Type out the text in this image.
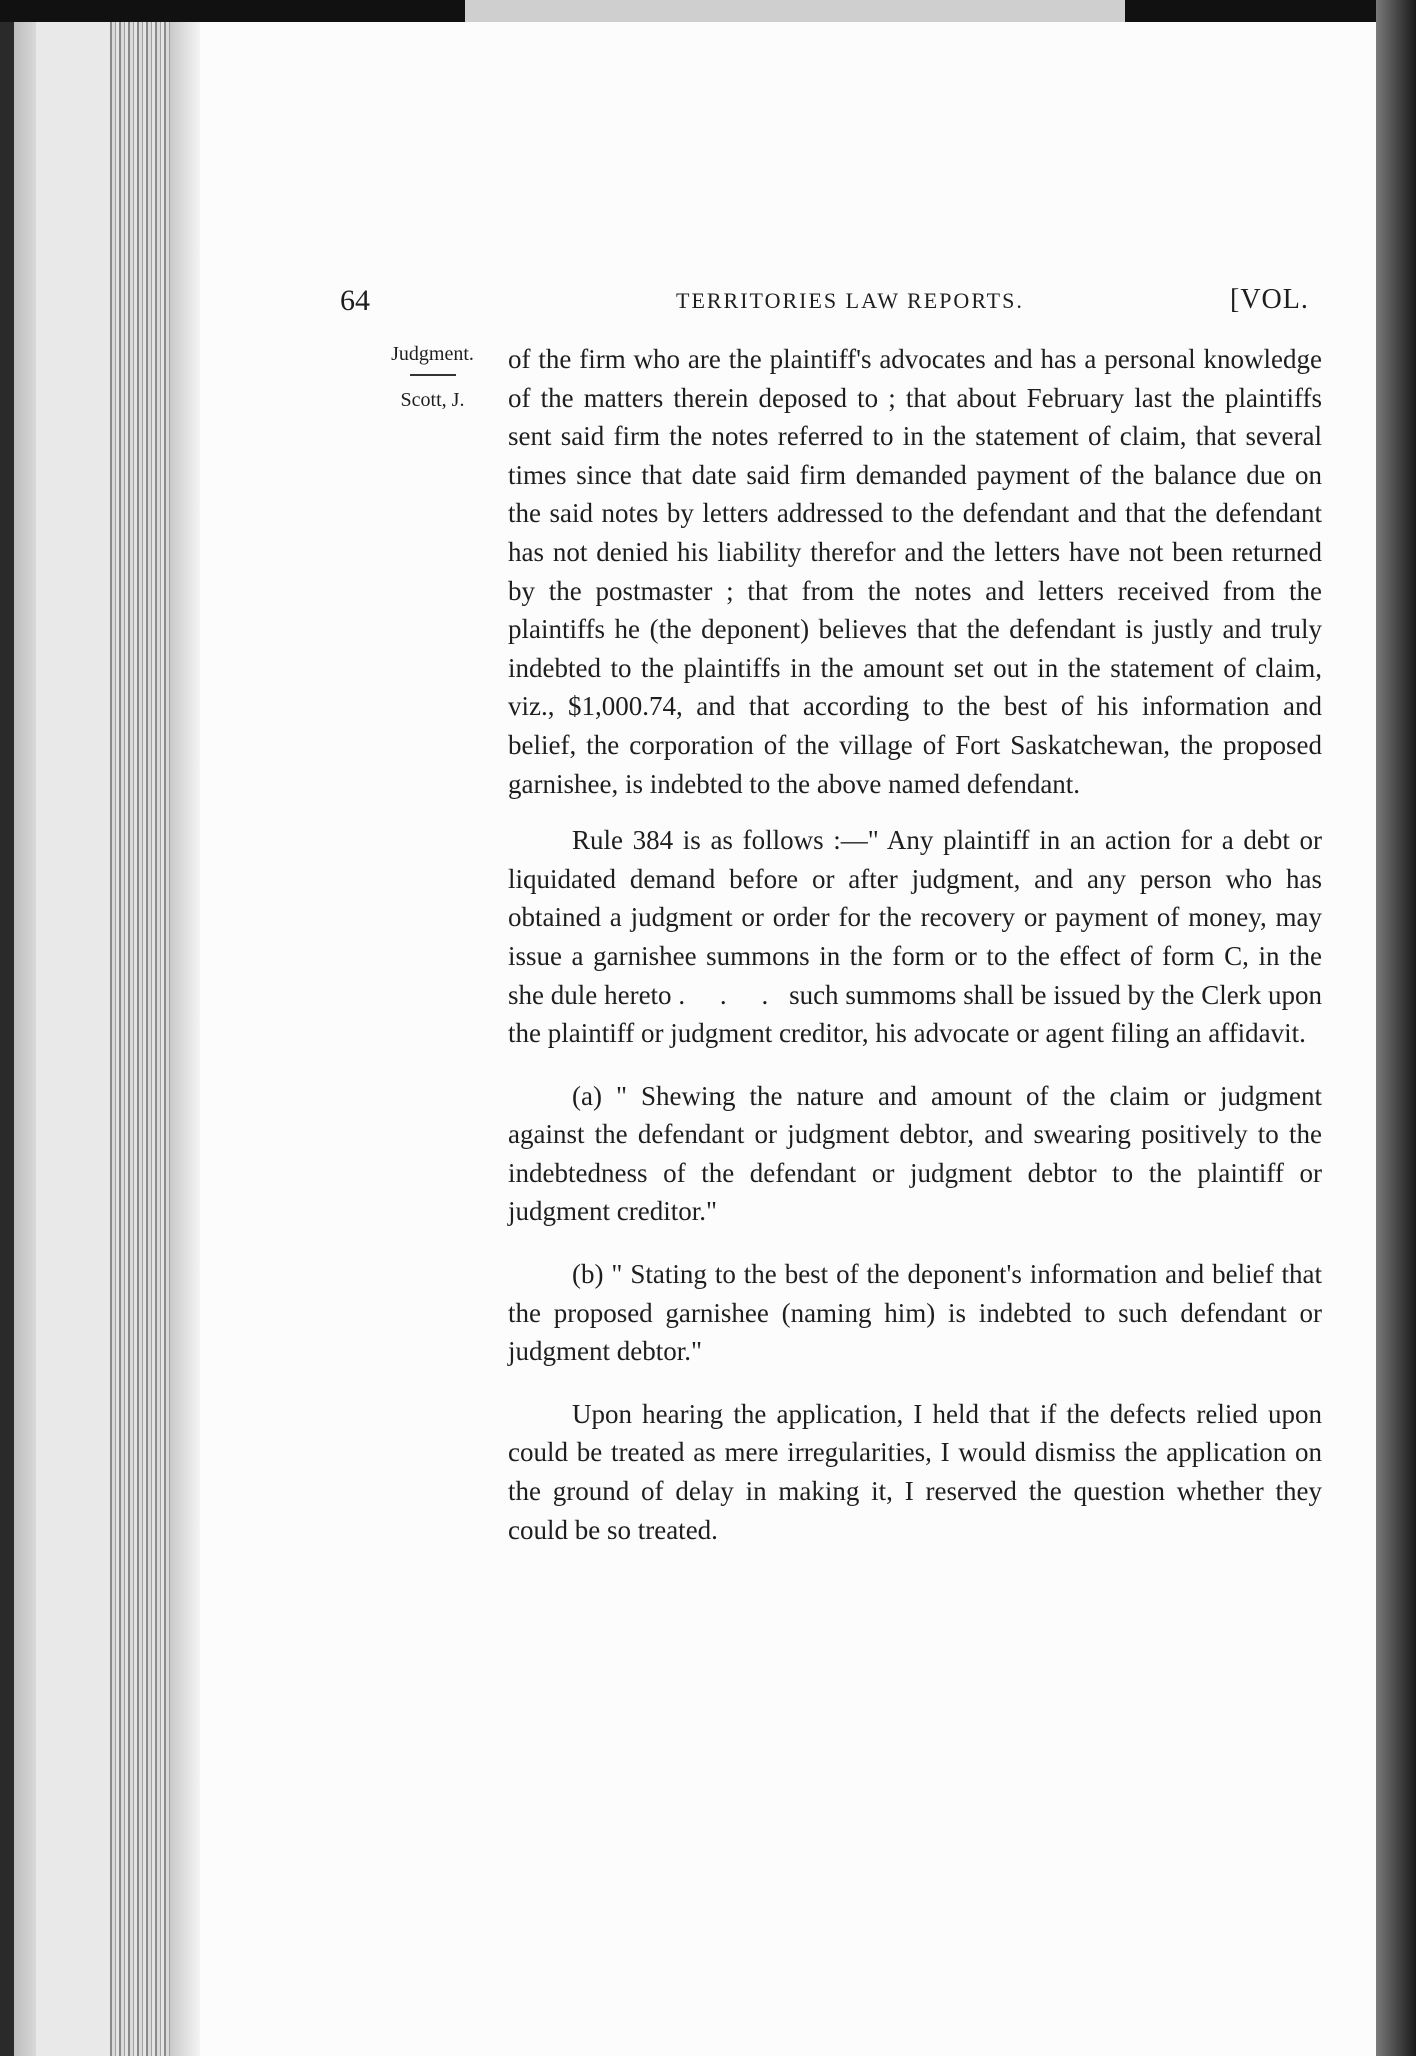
64	TERRITORIES LAW REPORTS.	[VOL.
Judgment.
Scott, J.

of the firm who are the plaintiff's advocates and has a personal knowledge of the matters therein deposed to ; that about February last the plaintiffs sent said firm the notes referred to in the statement of claim, that several times since that date said firm demanded payment of the balance due on the said notes by letters addressed to the defendant and that the defendant has not denied his liability therefor and the letters have not been returned by the postmaster ; that from the notes and letters received from the plaintiffs he (the deponent) believes that the defendant is justly and truly indebted to the plaintiffs in the amount set out in the statement of claim, viz., $1,000.74, and that according to the best of his information and belief, the corporation of the village of Fort Saskatchewan, the proposed garnishee, is indebted to the above named defendant.

Rule 384 is as follows :—" Any plaintiff in an action for a debt or liquidated demand before or after judgment, and any person who has obtained a judgment or order for the recovery or payment of money, may issue a garnishee summons in the form or to the effect of form C, in the she dule hereto . . . such summoms shall be issued by the Clerk upon the plaintiff or judgment creditor, his advocate or agent filing an affidavit.

(a) " Shewing the nature and amount of the claim or judgment against the defendant or judgment debtor, and swearing positively to the indebtedness of the defendant or judgment debtor to the plaintiff or judgment creditor."

(b) " Stating to the best of the deponent's information and belief that the proposed garnishee (naming him) is indebted to such defendant or judgment debtor."

Upon hearing the application, I held that if the defects relied upon could be treated as mere irregularities, I would dismiss the application on the ground of delay in making it, I reserved the question whether they could be so treated.
